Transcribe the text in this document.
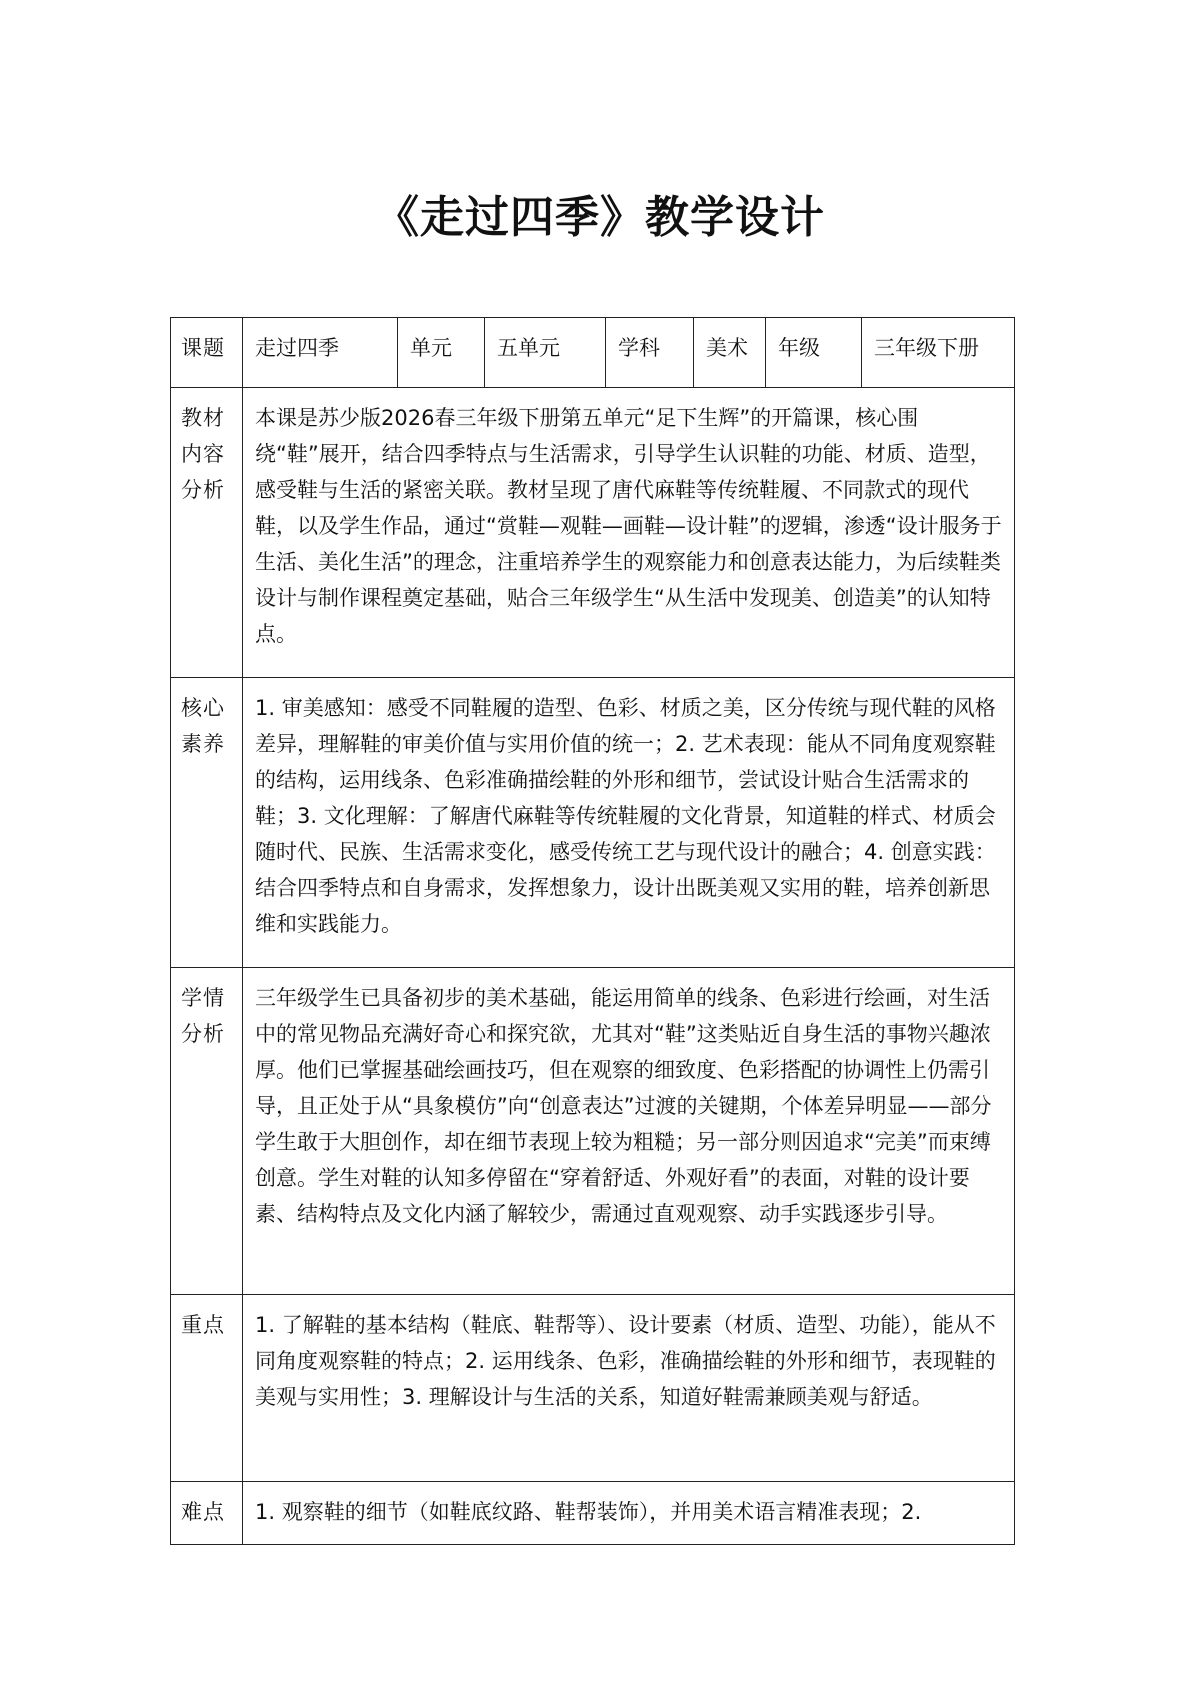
《走过四季》教学设计
课题	走过四季	单元	五单元	学科	美术	年级	三年级下册
教材内容分析	本课是苏少版2026春三年级下册第五单元“足下生辉”的开篇课，核心围绕“鞋”展开，结合四季特点与生活需求，引导学生认识鞋的功能、材质、造型，感受鞋与生活的紧密关联。教材呈现了唐代麻鞋等传统鞋履、不同款式的现代鞋，以及学生作品，通过“赏鞋—观鞋—画鞋—设计鞋”的逻辑，渗透“设计服务于生活、美化生活”的理念，注重培养学生的观察能力和创意表达能力，为后续鞋类设计与制作课程奠定基础，贴合三年级学生“从生活中发现美、创造美”的认知特点。						
核心素养	1. 审美感知：感受不同鞋履的造型、色彩、材质之美，区分传统与现代鞋的风格差异，理解鞋的审美价值与实用价值的统一；2. 艺术表现：能从不同角度观察鞋的结构，运用线条、色彩准确描绘鞋的外形和细节，尝试设计贴合生活需求的鞋；3. 文化理解：了解唐代麻鞋等传统鞋履的文化背景，知道鞋的样式、材质会随时代、民族、生活需求变化，感受传统工艺与现代设计的融合；4. 创意实践：结合四季特点和自身需求，发挥想象力，设计出既美观又实用的鞋，培养创新思维和实践能力。						
学情分析	三年级学生已具备初步的美术基础，能运用简单的线条、色彩进行绘画，对生活中的常见物品充满好奇心和探究欲，尤其对“鞋”这类贴近自身生活的事物兴趣浓厚。他们已掌握基础绘画技巧，但在观察的细致度、色彩搭配的协调性上仍需引导，且正处于从“具象模仿”向“创意表达”过渡的关键期，个体差异明显——部分学生敢于大胆创作，却在细节表现上较为粗糙；另一部分则因追求“完美”而束缚创意。学生对鞋的认知多停留在“穿着舒适、外观好看”的表面，对鞋的设计要素、结构特点及文化内涵了解较少，需通过直观观察、动手实践逐步引导。						
重点	1. 了解鞋的基本结构（鞋底、鞋帮等）、设计要素（材质、造型、功能），能从不同角度观察鞋的特点；2. 运用线条、色彩，准确描绘鞋的外形和细节，表现鞋的美观与实用性；3. 理解设计与生活的关系，知道好鞋需兼顾美观与舒适。						
难点	1. 观察鞋的细节（如鞋底纹路、鞋帮装饰），并用美术语言精准表现；2.						
